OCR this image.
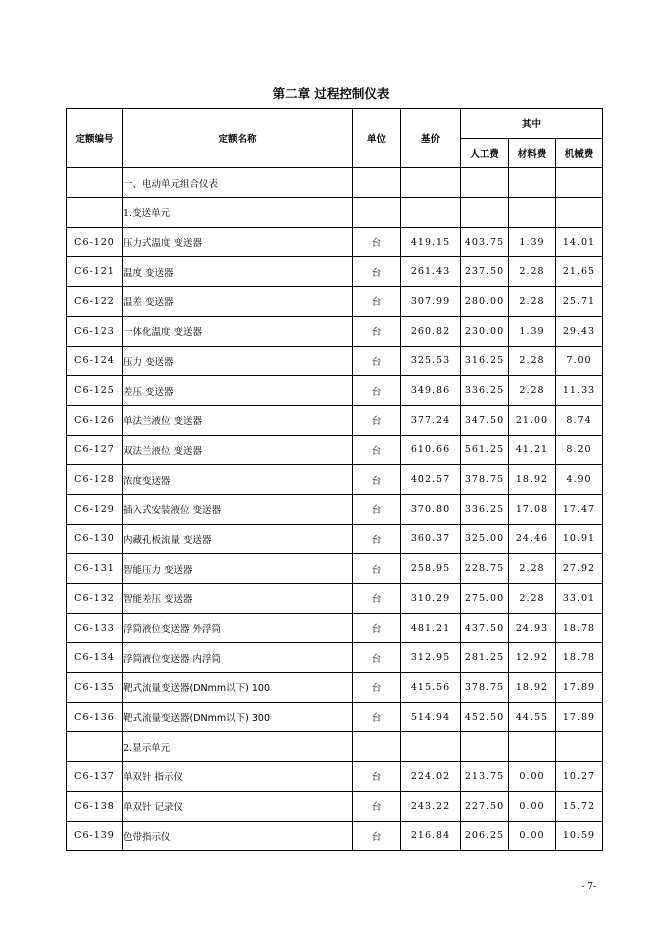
第二章 过程控制仪表
定额编号	定额名称	单位	基价	其中		
				人工费	材料费	机械费
	一、电动单元组合仪表					
	1.变送单元					
C6-120	压力式温度 变送器	台	419.15	403.75	1.39	14.01
C6-121	温度 变送器	台	261.43	237.50	2.28	21.65
C6-122	温差 变送器	台	307.99	280.00	2.28	25.71
C6-123	一体化温度 变送器	台	260.82	230.00	1.39	29.43
C6-124	压力 变送器	台	325.53	316.25	2.28	7.00
C6-125	差压 变送器	台	349.86	336.25	2.28	11.33
C6-126	单法兰液位 变送器	台	377.24	347.50	21.00	8.74
C6-127	双法兰液位 变送器	台	610.66	561.25	41.21	8.20
C6-128	浓度变送器	台	402.57	378.75	18.92	4.90
C6-129	插入式安装液位 变送器	台	370.80	336.25	17.08	17.47
C6-130	内藏孔板流量 变送器	台	360.37	325.00	24.46	10.91
C6-131	智能压力 变送器	台	258.95	228.75	2.28	27.92
C6-132	智能差压 变送器	台	310.29	275.00	2.28	33.01
C6-133	浮筒液位变送器 外浮筒	台	481.21	437.50	24.93	18.78
C6-134	浮筒液位变送器 内浮筒	台	312.95	281.25	12.92	18.78
C6-135	靶式流量变送器(DNmm以下) 100	台	415.56	378.75	18.92	17.89
C6-136	靶式流量变送器(DNmm以下) 300	台	514.94	452.50	44.55	17.89
	2.显示单元					
C6-137	单双针 指示仪	台	224.02	213.75	0.00	10.27
C6-138	单双针 记录仪	台	243.22	227.50	0.00	15.72
C6-139	色带指示仪	台	216.84	206.25	0.00	10.59
- 7-
